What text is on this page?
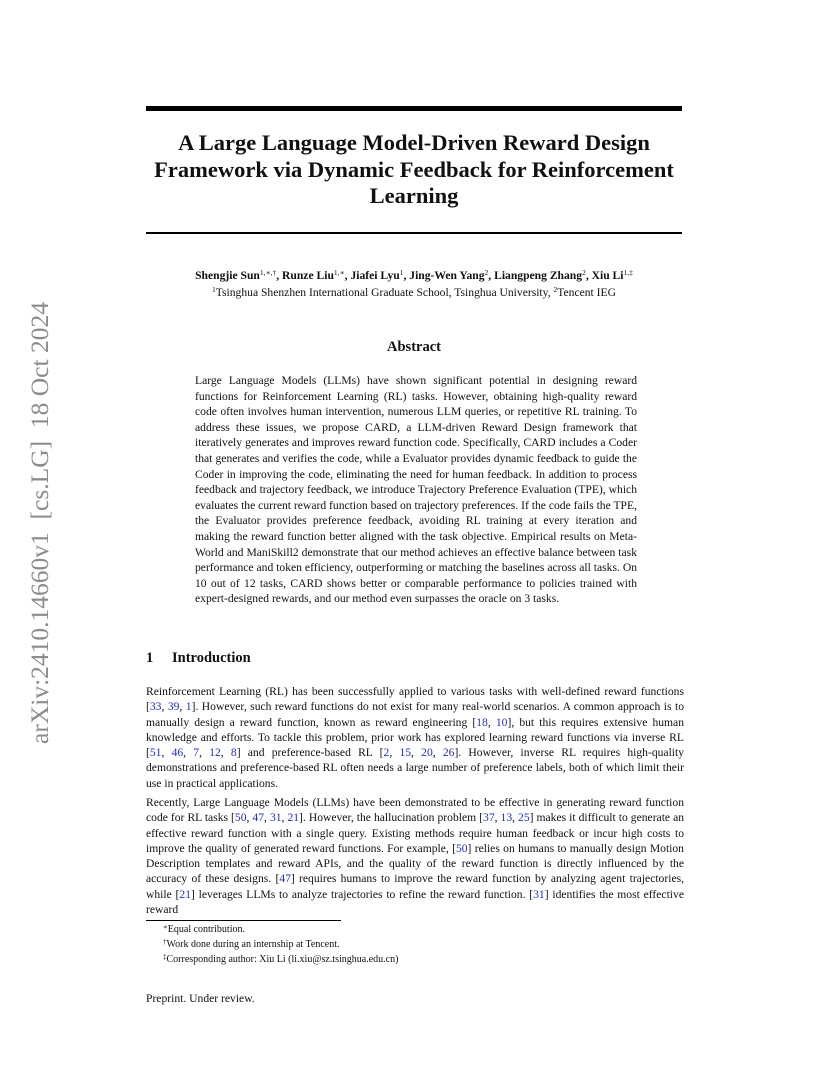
arXiv:2410.14660v1  [cs.LG]  18 Oct 2024
A Large Language Model-Driven Reward Design Framework via Dynamic Feedback for Reinforcement Learning
Shengjie Sun$^{1,∗,\dagger}$, Runze Liu$^{1,∗}$, Jiafei Lyu$^1$, Jing-Wen Yang$^2$, Liangpeng Zhang$^2$, Xiu $Li^{1,\ddagger}$
$^1$Tsinghua Shenzhen International Graduate School, Tsinghua University, $^2$Tencent IEG
Abstract

Large Language Models (LLMs) have shown significant potential in designing reward functions for Reinforcement Learning (RL) tasks. However, obtaining high-quality reward code often involves human intervention, numerous LLM queries, or repetitive RL training. To address these issues, we propose CARD, a LLM-driven Reward Design framework that iteratively generates and improves reward function code. Specifically, CARD includes a Coder that generates and verifies the code, while a Evaluator provides dynamic feedback to guide the Coder in improving the code, eliminating the need for human feedback. In addition to process feedback and trajectory feedback, we introduce Trajectory Preference Evaluation (TPE), which evaluates the current reward function based on trajectory preferences. If the code fails the TPE, the Evaluator provides preference feedback, avoiding RL training at every iteration and making the reward function better aligned with the task objective. Empirical results on Meta-World and ManiSkill2 demonstrate that our method achieves an effective balance between task performance and token efficiency, outperforming or matching the baselines across all tasks. On 10 out of 12 tasks, CARD shows better or comparable performance to policies trained with expert-designed rewards, and our method even surpasses the oracle on 3 tasks.

1 Introduction

Reinforcement Learning (RL) has been successfully applied to various tasks with well-defined reward functions [33, 39, 1]. However, such reward functions do not exist for many real-world scenarios. A common approach is to manually design a reward function, known as reward engineering [18, 10], but this requires extensive human knowledge and efforts. To tackle this problem, prior work has explored learning reward functions via inverse RL [51, 46, 7, 12, 8] and preference-based RL [2, 15, 20, 26]. However, inverse RL requires high-quality demonstrations and preference-based RL often needs a large number of preference labels, both of which limit their use in practical applications.

Recently, Large Language Models (LLMs) have been demonstrated to be effective in generating reward function code for RL tasks [50, 47, 31, 21]. However, the hallucination problem [37, 13, 25] makes it difficult to generate an effective reward function with a single query. Existing methods require human feedback or incur high costs to improve the quality of generated reward functions. For example, [50] relies on humans to manually design Motion Description templates and reward APIs, and the quality of the reward function is directly influenced by the accuracy of these designs. [47] requires humans to improve the reward function by analyzing agent trajectories, while [21] leverages LLMs to analyze trajectories to refine the reward function. [31] identifies the most effective reward

∗Equal contribution.
†Work done during an internship at Tencent.
‡Corresponding author: Xiu Li (li.xiu@sz.tsinghua.edu.cn)
Preprint. Under review.
